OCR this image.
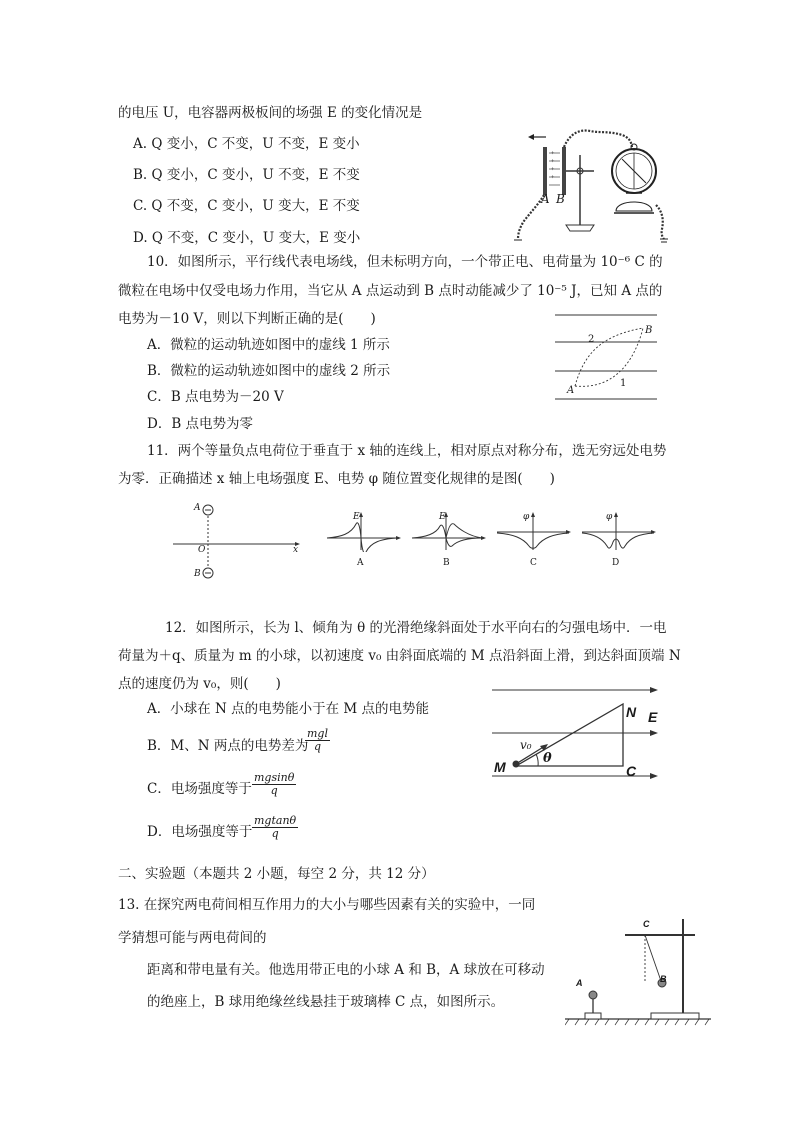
的电压 U，电容器两极板间的场强 E 的变化情况是
A. Q 变小，C 不变，U 不变，E 变小
B. Q 变小，C 变小，U 不变，E 不变
C. Q 不变，C 变小，U 变大，E 不变
D. Q 不变，C 变小，U 变大，E 变小
+
+
+
+
A B
10．如图所示，平行线代表电场线，但未标明方向，一个带正电、电荷量为 10⁻⁶ C 的
微粒在电场中仅受电场力作用，当它从 A 点运动到 B 点时动能减少了 10⁻⁵ J，已知 A 点的
电势为－10 V，则以下判断正确的是(　　)
A．微粒的运动轨迹如图中的虚线 1 所示
B．微粒的运动轨迹如图中的虚线 2 所示
C．B 点电势为－20 V
D．B 点电势为零
2
1
A
B
11．两个等量负点电荷位于垂直于 x 轴的连线上，相对原点对称分布，选无穷远处电势
为零．正确描述 x 轴上电场强度 E、电势 φ 随位置变化规律的是图(　　)
A
B
O	x
E	E	φ	φ
A	B	C	D
12．如图所示，长为 l、倾角为 θ 的光滑绝缘斜面处于水平向右的匀强电场中．一电
荷量为＋q、质量为 m 的小球，以初速度 v₀ 由斜面底端的 M 点沿斜面上滑，到达斜面顶端 N
点的速度仍为 v₀，则(　　)
A．小球在 N 点的电势能小于在 M 点的电势能
B．M、N 两点的电势差为
mgl
q
C．电场强度等于 $\frac{mgsin\theta}{q}$
D．电场强度等于 $\frac{mgtan\theta}{q}$
N E
M	C
v₀
θ
二、实验题（本题共 2 小题，每空 2 分，共 12 分）
13. 在探究两电荷间相互作用力的大小与哪些因素有关的实验中，一同
学猜想可能与两电荷间的
距离和带电量有关。他选用带正电的小球 A 和 B，A 球放在可移动
的绝座上，B 球用绝缘丝线悬挂于玻璃棒 C 点，如图所示。
A	B
C
